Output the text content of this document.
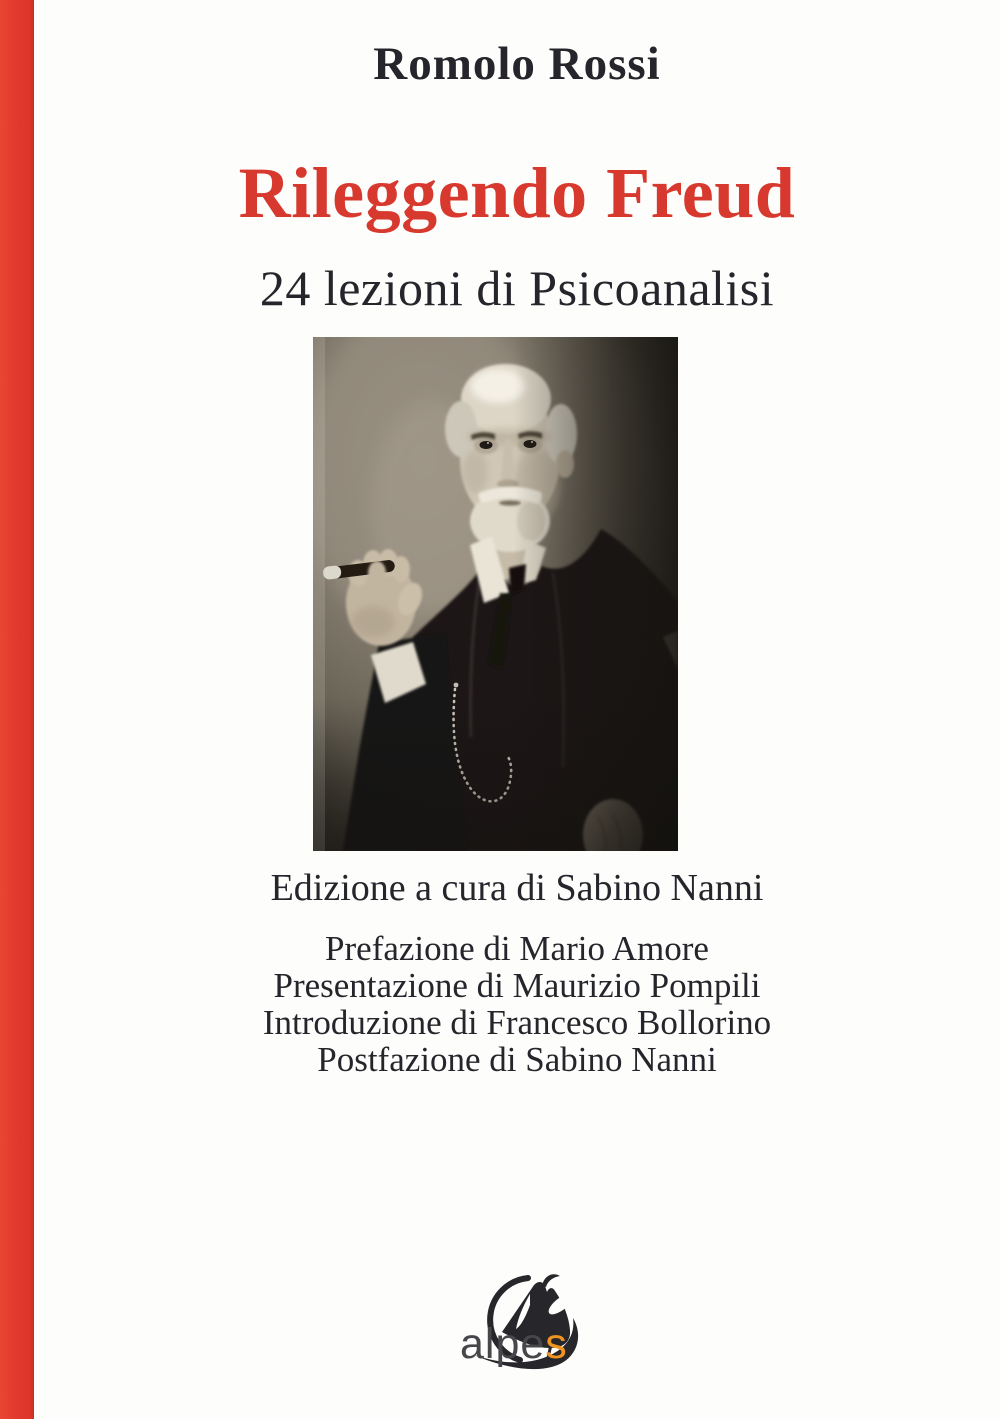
Romolo Rossi
Rileggendo Freud
24 lezioni di Psicoanalisi
Edizione a cura di Sabino Nanni
Prefazione di Mario Amore
Presentazione di Maurizio Pompili
Introduzione di Francesco Bollorino
Postfazione di Sabino Nanni
alpes
